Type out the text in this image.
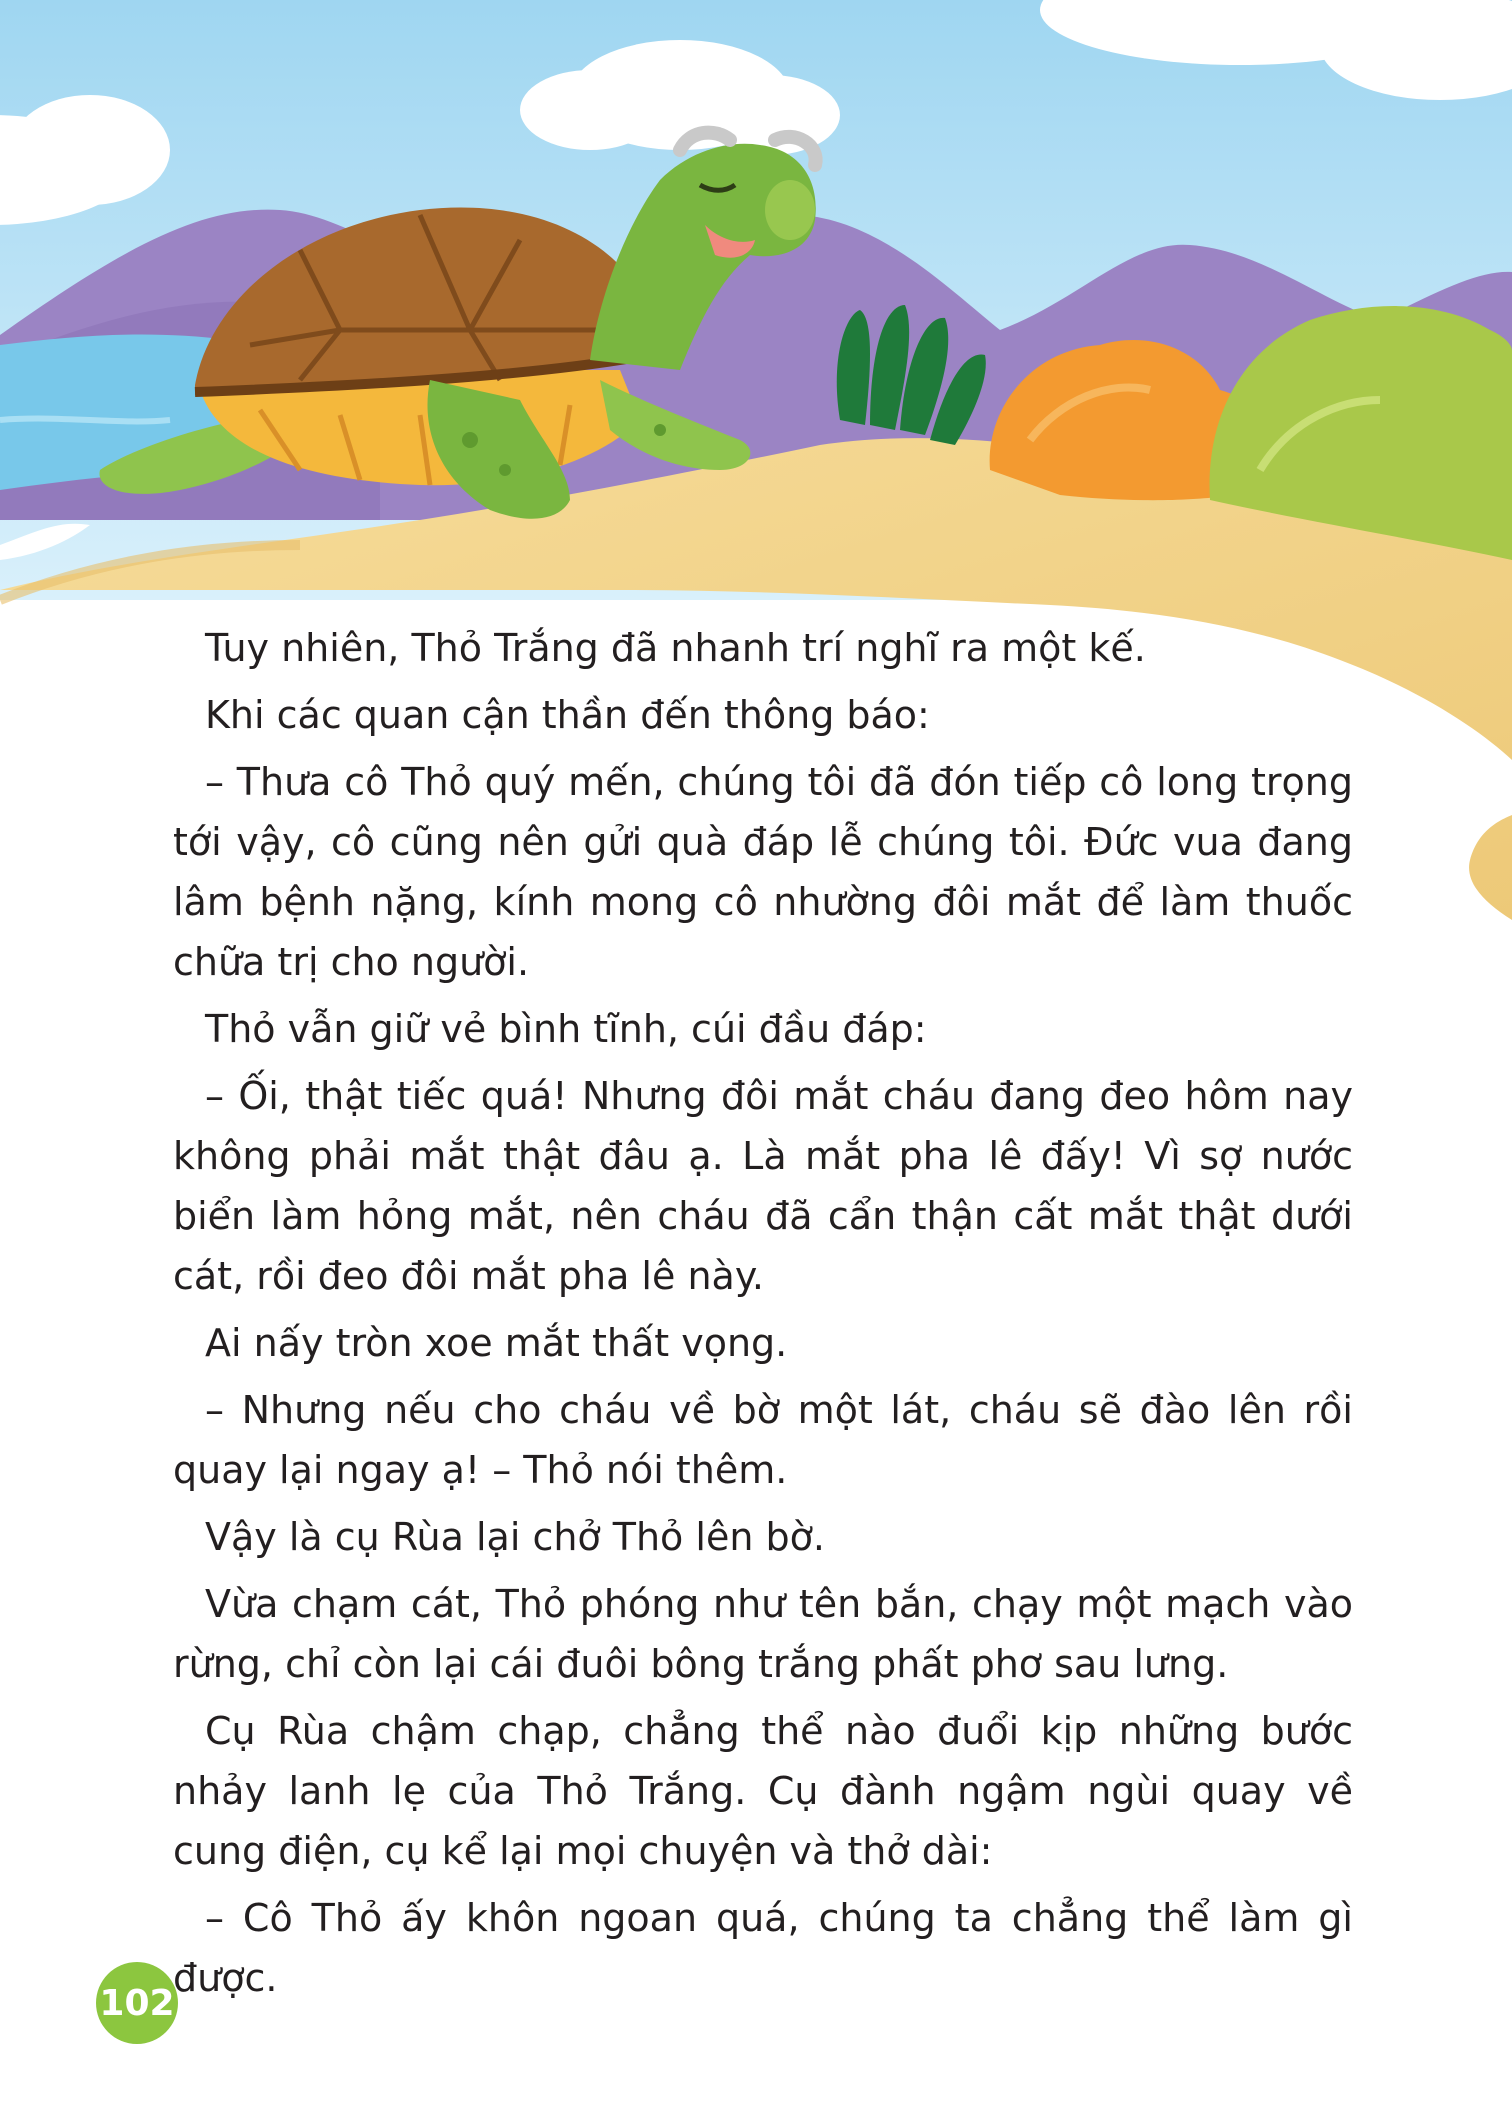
Tuy nhiên, Thỏ Trắng đã nhanh trí nghĩ ra một kế.

Khi các quan cận thần đến thông báo:

– Thưa cô Thỏ quý mến, chúng tôi đã đón tiếp cô long trọng tới vậy, cô cũng nên gửi quà đáp lễ chúng tôi. Đức vua đang lâm bệnh nặng, kính mong cô nhường đôi mắt để làm thuốc chữa trị cho người.

Thỏ vẫn giữ vẻ bình tĩnh, cúi đầu đáp:

– Ối, thật tiếc quá! Nhưng đôi mắt cháu đang đeo hôm nay không phải mắt thật đâu ạ. Là mắt pha lê đấy! Vì sợ nước biển làm hỏng mắt, nên cháu đã cẩn thận cất mắt thật dưới cát, rồi đeo đôi mắt pha lê này.

Ai nấy tròn xoe mắt thất vọng.

– Nhưng nếu cho cháu về bờ một lát, cháu sẽ đào lên rồi quay lại ngay ạ! – Thỏ nói thêm.

Vậy là cụ Rùa lại chở Thỏ lên bờ.

Vừa chạm cát, Thỏ phóng như tên bắn, chạy một mạch vào rừng, chỉ còn lại cái đuôi bông trắng phất phơ sau lưng.

Cụ Rùa chậm chạp, chẳng thể nào đuổi kịp những bước nhảy lanh lẹ của Thỏ Trắng. Cụ đành ngậm ngùi quay về cung điện, cụ kể lại mọi chuyện và thở dài:

– Cô Thỏ ấy khôn ngoan quá, chúng ta chẳng thể làm gì được.

102
